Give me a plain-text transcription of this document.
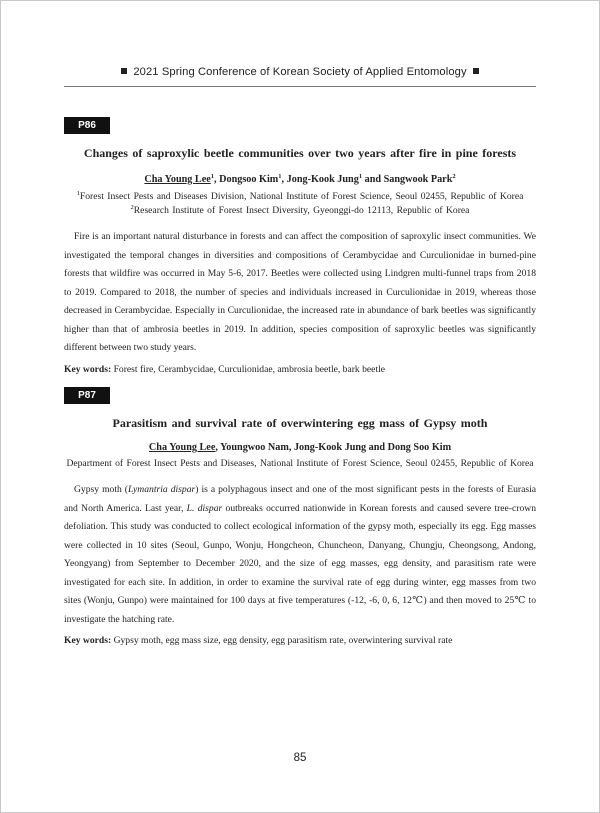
2021 Spring Conference of Korean Society of Applied Entomology
P86
Changes of saproxylic beetle communities over two years after fire in pine forests
Cha Young Lee$^1$, Dongsoo Kim$^1$, Jong-Kook Jung$^1$ and Sangwook Park$^2$
$^1$Forest Insect Pests and Diseases Division, National Institute of Forest Science, Seoul 02455, Republic of Korea
$^2$Research Institute of Forest Insect Diversity, Gyeonggi-do 12113, Republic of Korea
Fire is an important natural disturbance in forests and can affect the composition of saproxylic insect communities. We investigated the temporal changes in diversities and compositions of Cerambycidae and Curculionidae in burned-pine forests that wildfire was occurred in May 5-6, 2017. Beetles were collected using Lindgren multi-funnel traps from 2018 to 2019. Compared to 2018, the number of species and individuals increased in Curculionidae in 2019, whereas those decreased in Cerambycidae. Especially in Curculionidae, the increased rate in abundance of bark beetles was significantly higher than that of ambrosia beetles in 2019. In addition, species composition of saproxylic beetles was significantly different between two study years.
Key words: Forest fire, Cerambycidae, Curculionidae, ambrosia beetle, bark beetle
P87
Parasitism and survival rate of overwintering egg mass of Gypsy moth
Cha Young Lee, Youngwoo Nam, Jong-Kook Jung and Dong Soo Kim
Department of Forest Insect Pests and Diseases, National Institute of Forest Science, Seoul 02455, Republic of Korea
Gypsy moth (Lymantria dispar) is a polyphagous insect and one of the most significant pests in the forests of Eurasia and North America. Last year, L. dispar outbreaks occurred nationwide in Korean forests and caused severe tree-crown defoliation. This study was conducted to collect ecological information of the gypsy moth, especially its egg. Egg masses were collected in 10 sites (Seoul, Gunpo, Wonju, Hongcheon, Chuncheon, Danyang, Chungju, Cheongsong, Andong, Yeongyang) from September to December 2020, and the size of egg masses, egg density, and parasitism rate were investigated for each site. In addition, in order to examine the survival rate of egg during winter, egg masses from two sites (Wonju, Gunpo) were maintained for 100 days at five temperatures (-12, -6, 0, 6, 12℃) and then moved to 25℃ to investigate the hatching rate.
Key words: Gypsy moth, egg mass size, egg density, egg parasitism rate, overwintering survival rate
85
